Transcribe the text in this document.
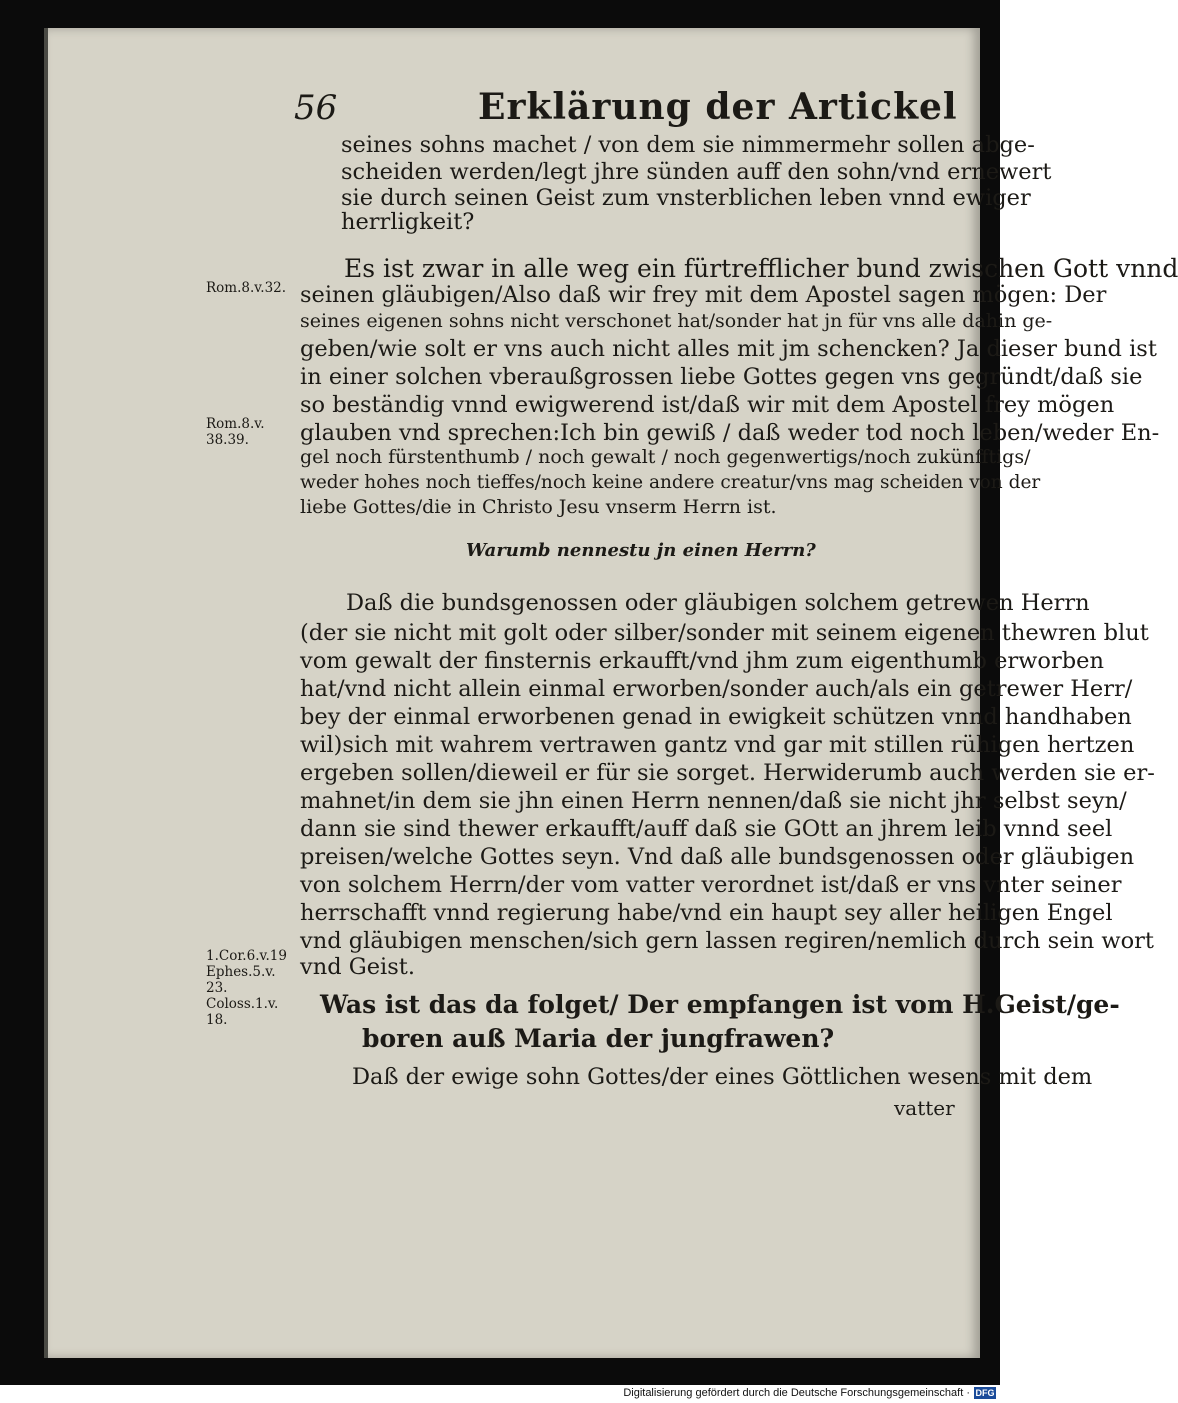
56	Erklärung der Artickel
seines sohns machet / von dem sie nimmermehr sollen abge-
scheiden werden/legt jhre sünden auff den sohn/vnd ernewert
sie durch seinen Geist zum vnsterblichen leben vnnd ewiger
herrligkeit?
Rom.8.v.32.
Es ist zwar in alle weg ein fürtrefflicher bund zwischen Gott vnnd
seinen gläubigen/Also daß wir frey mit dem Apostel sagen mögen: Der
seines eigenen sohns nicht verschonet hat/sonder hat jn für vns alle dahin ge-
geben/wie solt er vns auch nicht alles mit jm schencken? Ja dieser bund ist
in einer solchen vberaußgrossen liebe Gottes gegen vns gegründt/daß sie
so beständig vnnd ewigwerend ist/daß wir mit dem Apostel frey mögen
glauben vnd sprechen:Ich bin gewiß / daß weder tod noch leben/weder En-
gel noch fürstenthumb / noch gewalt / noch gegenwertigs/noch zukünfftigs/
weder hohes noch tieffes/noch keine andere creatur/vns mag scheiden von der
liebe Gottes/die in Christo Jesu vnserm Herrn ist.
Rom.8.v.
38.39.
Warumb nennestu jn einen Herrn?
Daß die bundsgenossen oder gläubigen solchem getrewen Herrn
(der sie nicht mit golt oder silber/sonder mit seinem eigenen thewren blut
vom gewalt der finsternis erkaufft/vnd jhm zum eigenthumb erworben
hat/vnd nicht allein einmal erworben/sonder auch/als ein getrewer Herr/
bey der einmal erworbenen genad in ewigkeit schützen vnnd handhaben
wil)sich mit wahrem vertrawen gantz vnd gar mit stillen rühigen hertzen
ergeben sollen/dieweil er für sie sorget. Herwiderumb auch werden sie er-
mahnet/in dem sie jhn einen Herrn nennen/daß sie nicht jhr selbst seyn/
dann sie sind thewer erkaufft/auff daß sie GOtt an jhrem leib vnnd seel
preisen/welche Gottes seyn. Vnd daß alle bundsgenossen oder gläubigen
von solchem Herrn/der vom vatter verordnet ist/daß er vns vnter seiner
herrschafft vnnd regierung habe/vnd ein haupt sey aller heiligen Engel
vnd gläubigen menschen/sich gern lassen regiren/nemlich durch sein wort
vnd Geist.
1.Cor.6.v.19
Ephes.5.v.
23.
Coloss.1.v.
18.
Was ist das da folget/ Der empfangen ist vom H.Geist/ge-
boren auß Maria der jungfrawen?
Daß der ewige sohn Gottes/der eines Göttlichen wesens mit dem
vatter
Digitalisierung gefördert durch die Deutsche Forschungsgemeinschaft · DFG
